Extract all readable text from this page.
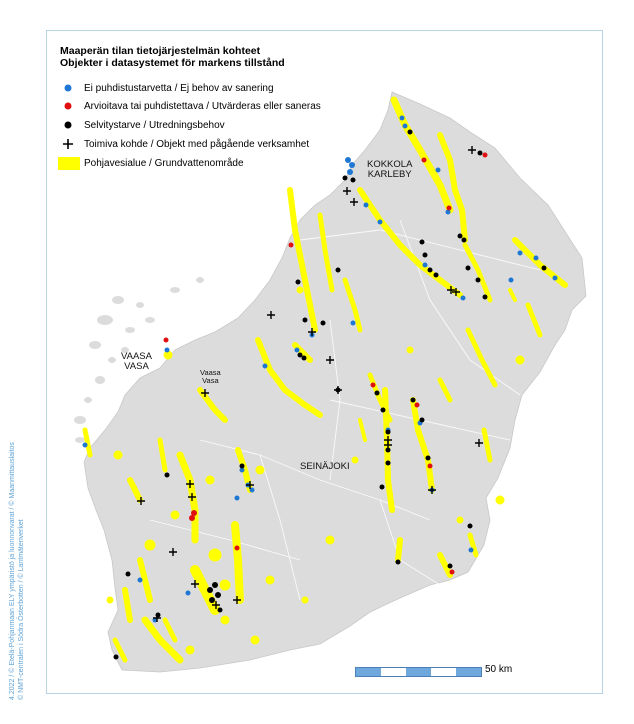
Maaperän tilan tietojärjestelmän kohteet
Objekter i datasystemet för markens tillstånd
Ei puhdistustarvetta / Ej behov av sanering
Arvioitava tai puhdistettava / Utvärderas eller saneras
Selvitystarve / Utredningsbehov
Toimiva kohde / Objekt med pågående verksamhet
Pohjavesialue / Grundvattenområde	KOKKOLA
KARLEBY
VAASA
VASA
Vaasa
Vasa
SEINÄJOKI
4.2022 / © Etelä-Pohjanmaan ELY ympäristö ja luonnonvarat / © Maanmittauslaitos © NMT-centralen i Södra Österbotten / © Lantmäteriverket	50 km
